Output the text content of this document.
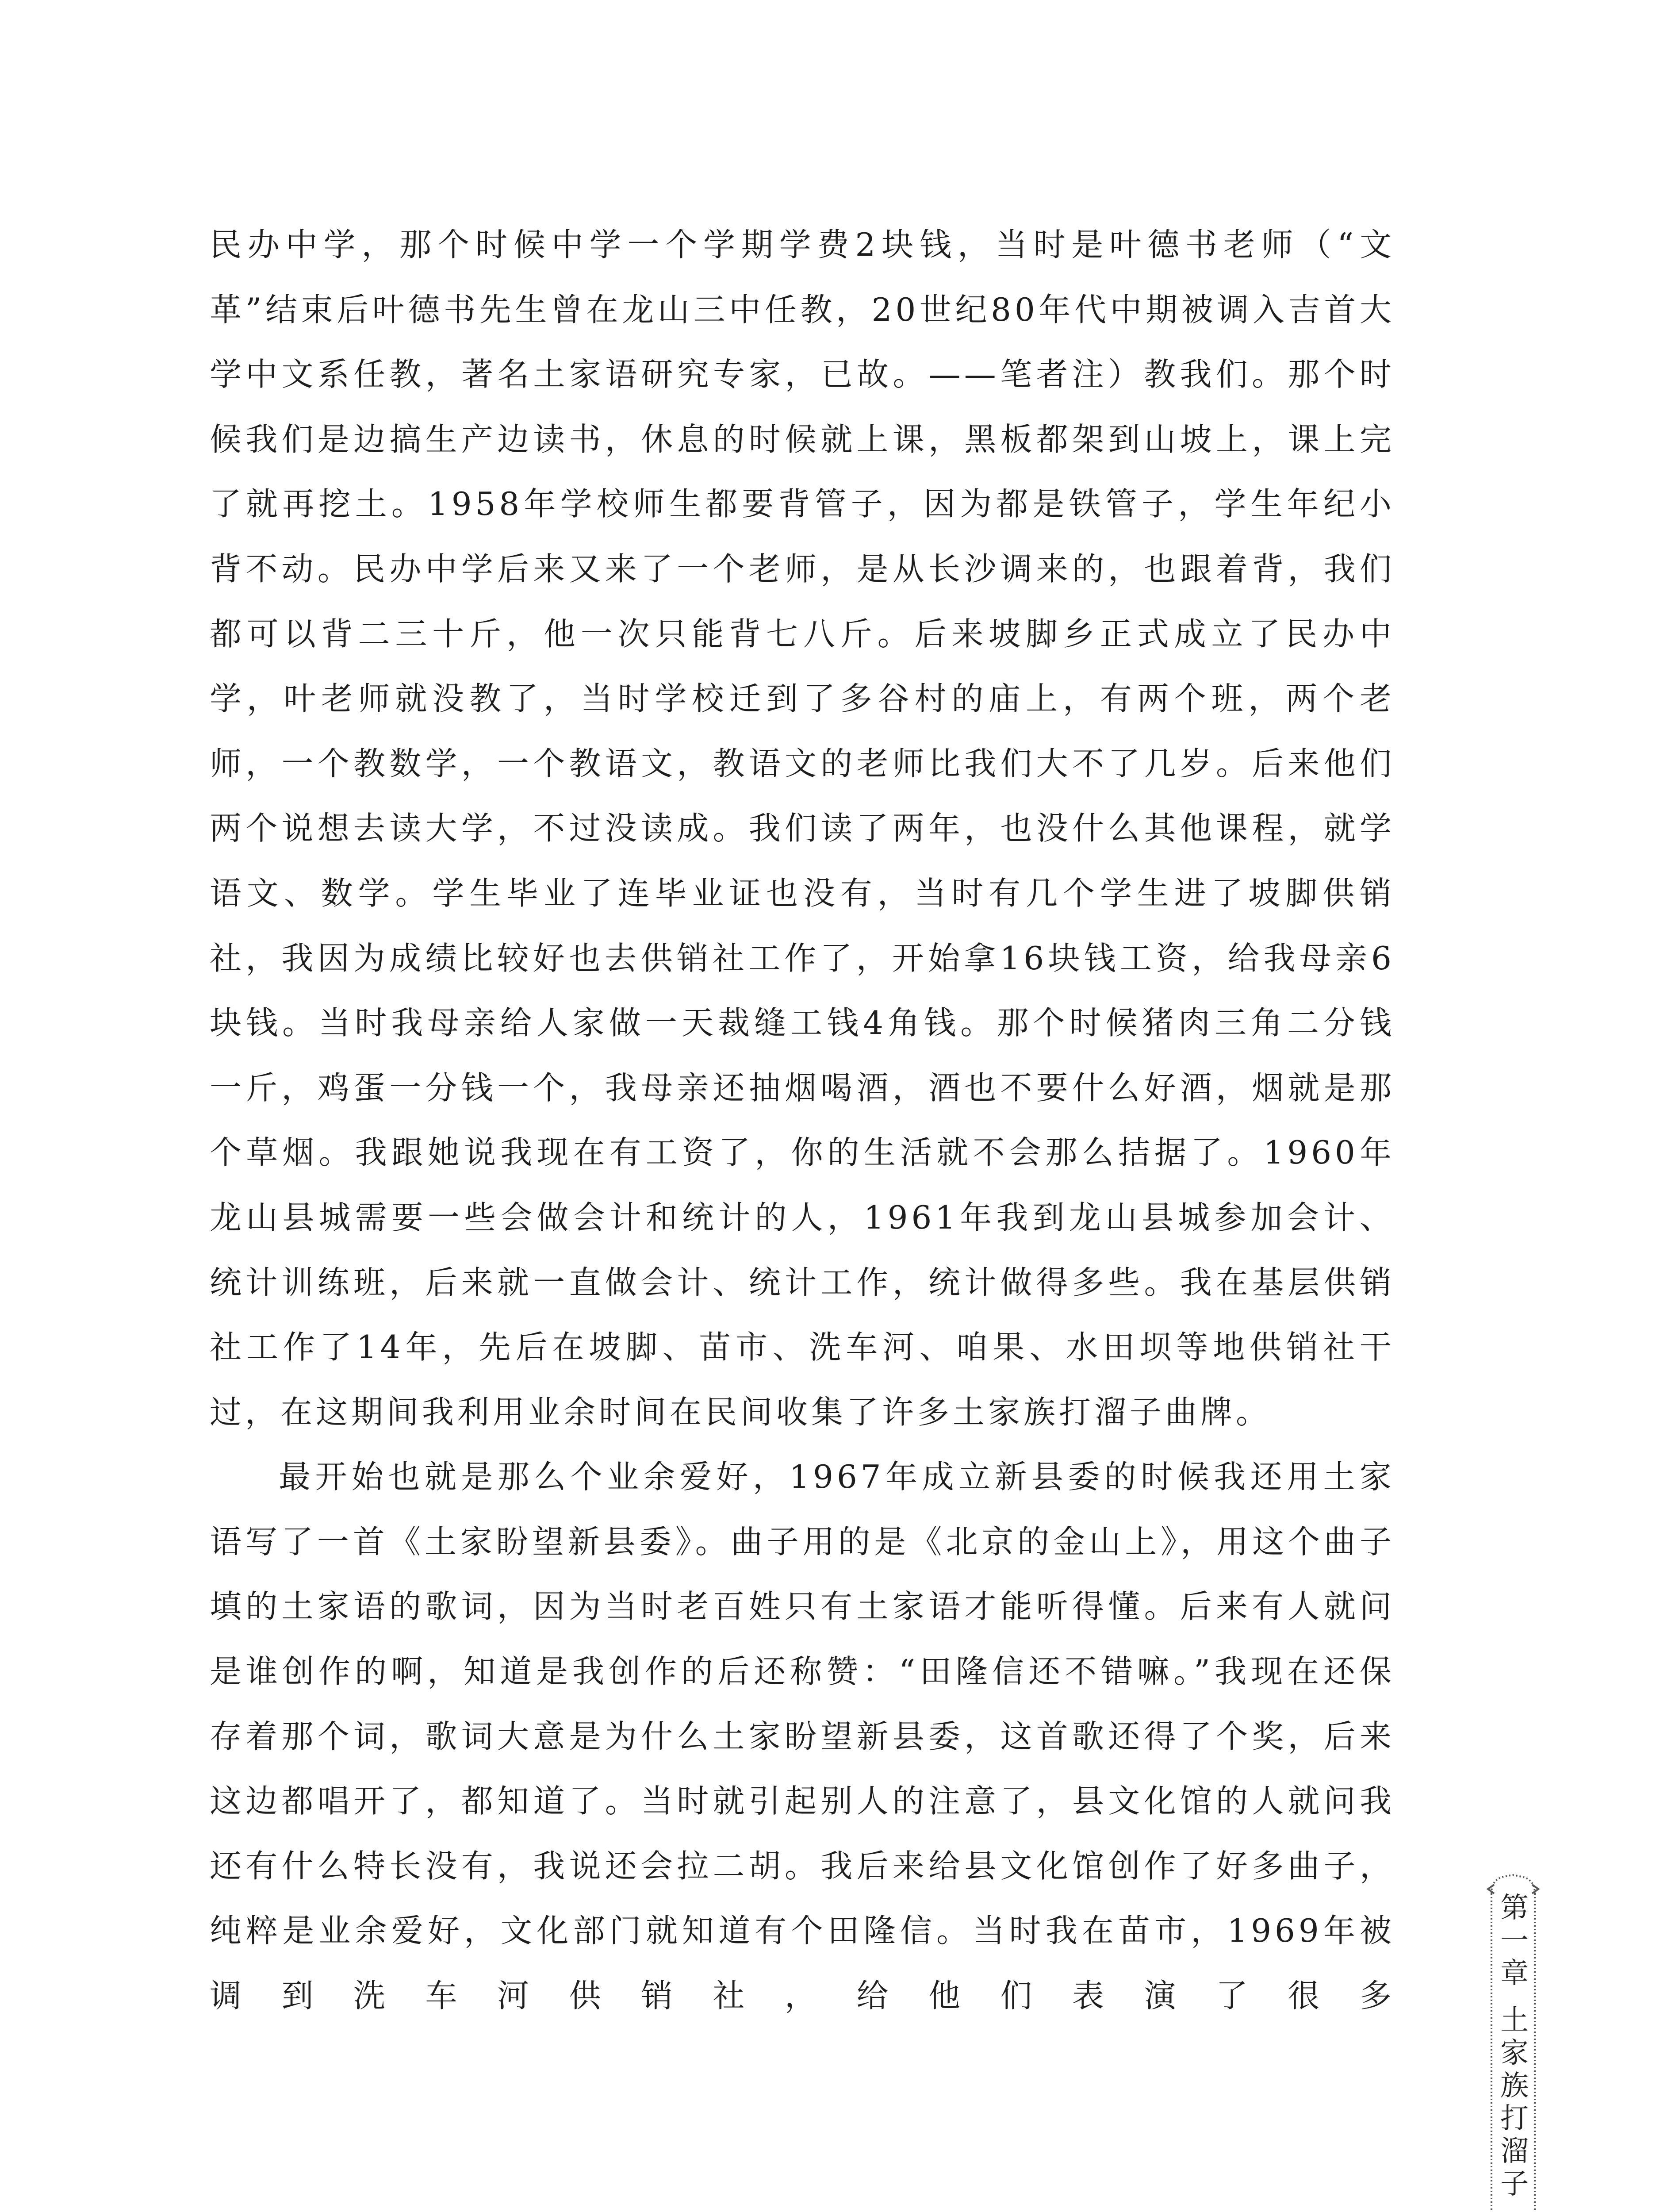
民办中学，那个时候中学一个学期学费2块钱，当时是叶德书老师（“文革”结束后叶德书先生曾在龙山三中任教，20世纪80年代中期被调入吉首大学中文系任教，著名土家语研究专家，已故。——笔者注）教我们。那个时候我们是边搞生产边读书，休息的时候就上课，黑板都架到山坡上，课上完了就再挖土。1958年学校师生都要背管子，因为都是铁管子，学生年纪小背不动。民办中学后来又来了一个老师，是从长沙调来的，也跟着背，我们都可以背二三十斤，他一次只能背七八斤。后来坡脚乡正式成立了民办中学，叶老师就没教了，当时学校迁到了多谷村的庙上，有两个班，两个老师，一个教数学，一个教语文，教语文的老师比我们大不了几岁。后来他们两个说想去读大学，不过没读成。我们读了两年，也没什么其他课程，就学语文、数学。学生毕业了连毕业证也没有，当时有几个学生进了坡脚供销社，我因为成绩比较好也去供销社工作了，开始拿16块钱工资，给我母亲6块钱。当时我母亲给人家做一天裁缝工钱4角钱。那个时候猪肉三角二分钱一斤，鸡蛋一分钱一个，我母亲还抽烟喝酒，酒也不要什么好酒，烟就是那个草烟。我跟她说我现在有工资了，你的生活就不会那么拮据了。1960年龙山县城需要一些会做会计和统计的人，1961年我到龙山县城参加会计、统计训练班，后来就一直做会计、统计工作，统计做得多些。我在基层供销社工作了14年，先后在坡脚、苗市、洗车河、咱果、水田坝等地供销社干过，在这期间我利用业余时间在民间收集了许多土家族打溜子曲牌。

最开始也就是那么个业余爱好，1967年成立新县委的时候我还用土家语写了一首《土家盼望新县委》。曲子用的是《北京的金山上》，用这个曲子填的土家语的歌词，因为当时老百姓只有土家语才能听得懂。后来有人就问是谁创作的啊，知道是我创作的后还称赞：“田隆信还不错嘛。”我现在还保存着那个词，歌词大意是为什么土家盼望新县委，这首歌还得了个奖，后来这边都唱开了，都知道了。当时就引起别人的注意了，县文化馆的人就问我还有什么特长没有，我说还会拉二胡。我后来给县文化馆创作了好多曲子，纯粹是业余爱好，文化部门就知道有个田隆信。当时我在苗市，1969年被调到洗车河供销社，给他们表演了很多

第一章
土家族打溜子
